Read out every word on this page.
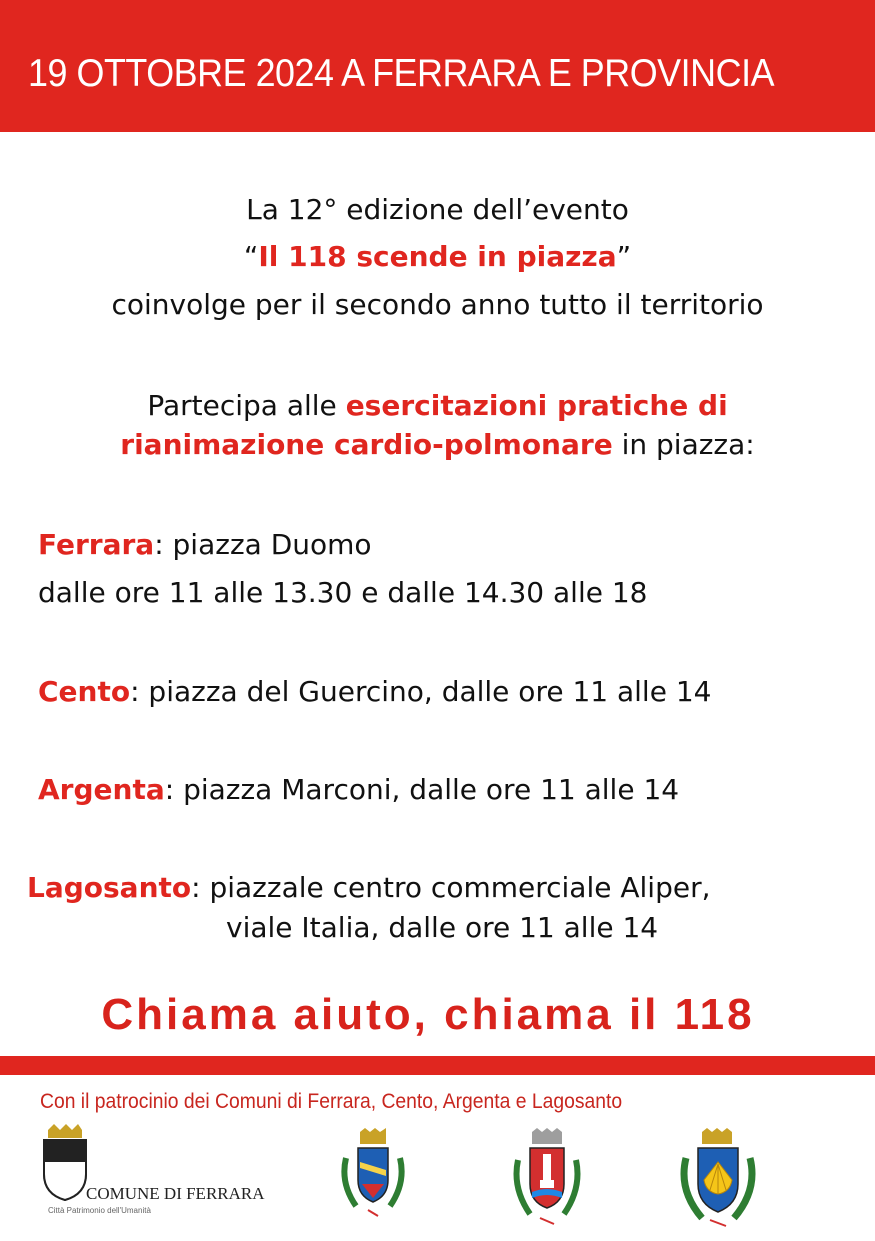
19 OTTOBRE 2024 A FERRARA E PROVINCIA
La 12° edizione dell’evento
“Il 118 scende in piazza”
coinvolge per il secondo anno tutto il territorio
Partecipa alle esercitazioni pratiche di
rianimazione cardio-polmonare in piazza:
Ferrara: piazza Duomo
dalle ore 11 alle 13.30 e dalle 14.30 alle 18
Cento: piazza del Guercino, dalle ore 11 alle 14
Argenta: piazza Marconi, dalle ore 11 alle 14
Lagosanto: piazzale centro commerciale Aliper,
viale Italia, dalle ore 11 alle 14
Chiama aiuto, chiama il 118
Con il patrocinio dei Comuni di Ferrara, Cento, Argenta e Lagosanto
COMUNE DI FERRARA
Città Patrimonio dell'Umanità
